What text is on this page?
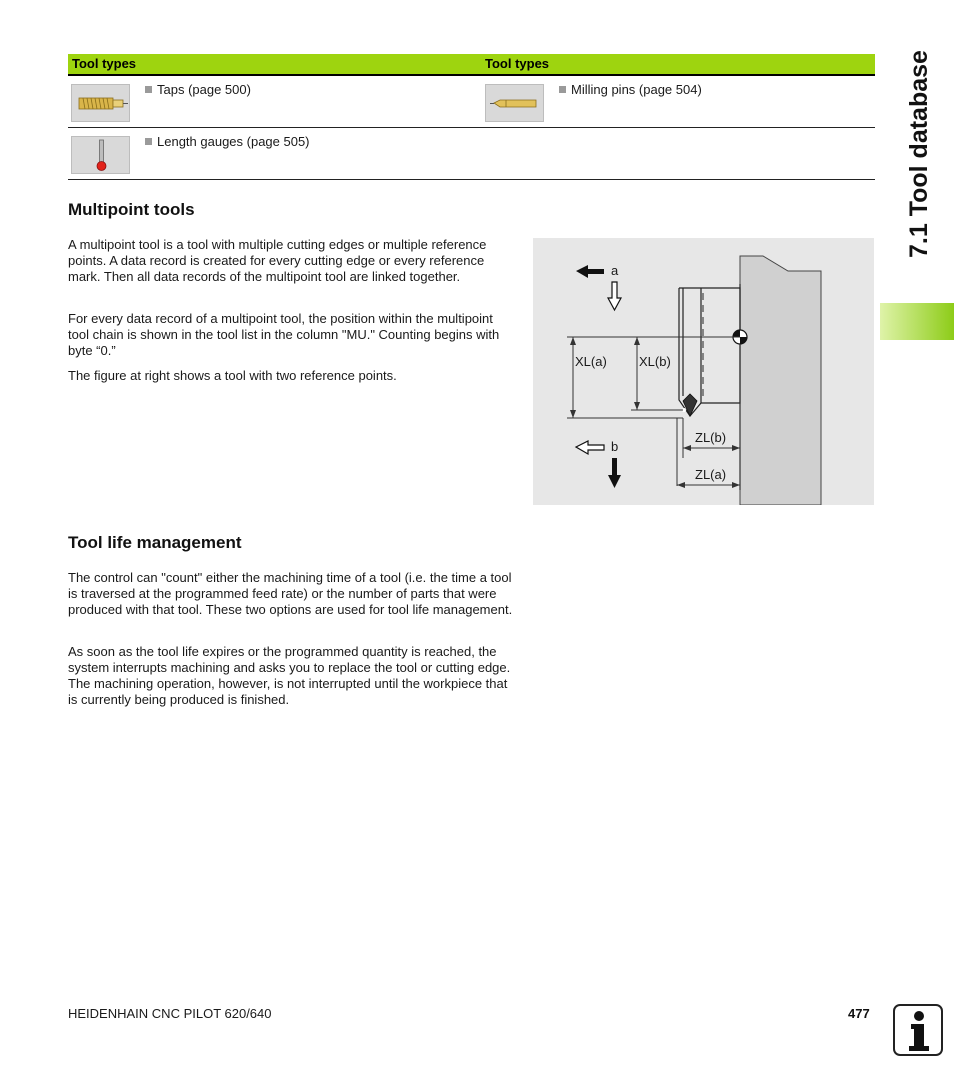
Tool types	Tool types
Taps (page 500)	Milling pins (page 504)
Length gauges (page 505)
Multipoint tools

A multipoint tool is a tool with multiple cutting edges or multiple reference points. A data record is created for every cutting edge or every reference mark. Then all data records of the multipoint tool are linked together.

For every data record of a multipoint tool, the position within the multipoint tool chain is shown in the tool list in the column "MU." Counting begins with byte “0.”

The figure at right shows a tool with two reference points.

a
b
XL(a) XL(b)
ZL(b)
ZL(a)
Tool life management

The control can "count" either the machining time of a tool (i.e. the time a tool is traversed at the programmed feed rate) or the number of parts that were produced with that tool. These two options are used for tool life management.

As soon as the tool life expires or the programmed quantity is reached, the system interrupts machining and asks you to replace the tool or cutting edge. The machining operation, however, is not interrupted until the workpiece that is currently being produced is finished.

7.1 Tool database
HEIDENHAIN CNC PILOT 620/640	477
